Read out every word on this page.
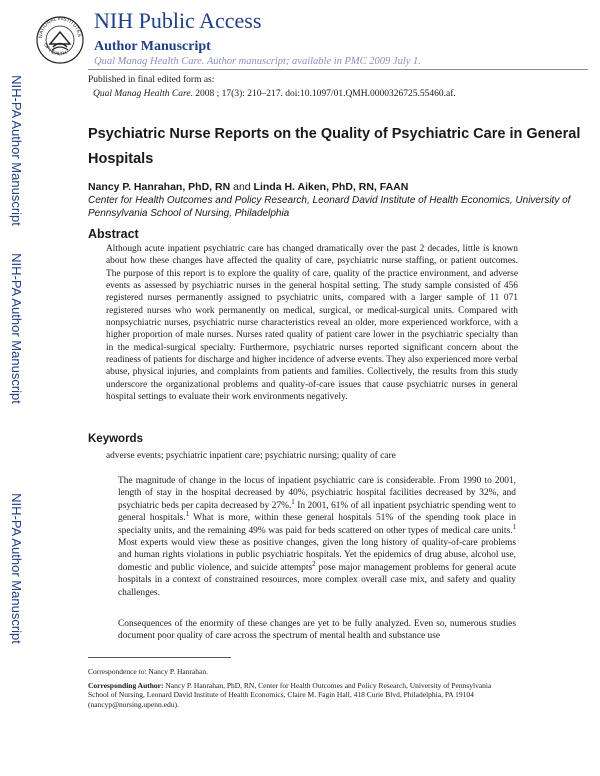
NATIONAL INSTITUTES
OF HEALTH
NIH Public Access
Author Manuscript
Qual Manag Health Care. Author manuscript; available in PMC 2009 July 1.
NIH-PA Author Manuscript
NIH-PA Author Manuscript
NIH-PA Author Manuscript
Published in final edited form as:
Qual Manag Health Care. 2008 ; 17(3): 210–217. doi:10.1097/01.QMH.0000326725.55460.af.
Psychiatric Nurse Reports on the Quality of Psychiatric Care in General Hospitals
Nancy P. Hanrahan, PhD, RN and Linda H. Aiken, PhD, RN, FAAN
Center for Health Outcomes and Policy Research, Leonard David Institute of Health Economics, University of Pennsylvania School of Nursing, Philadelphia
Abstract

Although acute inpatient psychiatric care has changed dramatically over the past 2 decades, little is known about how these changes have affected the quality of care, psychiatric nurse staffing, or patient outcomes. The purpose of this report is to explore the quality of care, quality of the practice environment, and adverse events as assessed by psychiatric nurses in the general hospital setting. The study sample consisted of 456 registered nurses permanently assigned to psychiatric units, compared with a larger sample of 11 071 registered nurses who work permanently on medical, surgical, or medical-surgical units. Compared with nonpsychiatric nurses, psychiatric nurse characteristics reveal an older, more experienced workforce, with a higher proportion of male nurses. Nurses rated quality of patient care lower in the psychiatric specialty than in the medical-surgical specialty. Furthermore, psychiatric nurses reported significant concern about the readiness of patients for discharge and higher incidence of adverse events. They also experienced more verbal abuse, physical injuries, and complaints from patients and families. Collectively, the results from this study underscore the organizational problems and quality-of-care issues that cause psychiatric nurses in general hospital settings to evaluate their work environments negatively.

Keywords
adverse events; psychiatric inpatient care; psychiatric nursing; quality of care

The magnitude of change in the locus of inpatient psychiatric care is considerable. From 1990 to 2001, length of stay in the hospital decreased by 40%, psychiatric hospital facilities decreased by 32%, and psychiatric beds per capita decreased by 27%.$^1$ In 2001, 61% of all inpatient psychiatric spending went to general hospitals.$^1$ What is more, within these general hospitals 51% of the spending took place in specialty units, and the remaining 49% was paid for beds scattered on other types of medical care units.$^1$ Most experts would view these as positive changes, given the long history of quality-of-care problems and human rights violations in public psychiatric hospitals. Yet the epidemics of drug abuse, alcohol use, domestic and public violence, and suicide attempts$^2$ pose major management problems for general acute hospitals in a context of constrained resources, more complex overall case mix, and safety and quality challenges.

Consequences of the enormity of these changes are yet to be fully analyzed. Even so, numerous studies document poor quality of care across the spectrum of mental health and substance use

Correspondence to: Nancy P. Hanrahan.

Corresponding Author: Nancy P. Hanrahan, PhD, RN, Center for Health Outcomes and Policy Research, University of Pennsylvania School of Nursing, Leonard David Institute of Health Economics, Claire M. Fagin Hall, 418 Curie Blvd, Philadelphia, PA 19104 (nancyp@nursing.upenn.edu).
